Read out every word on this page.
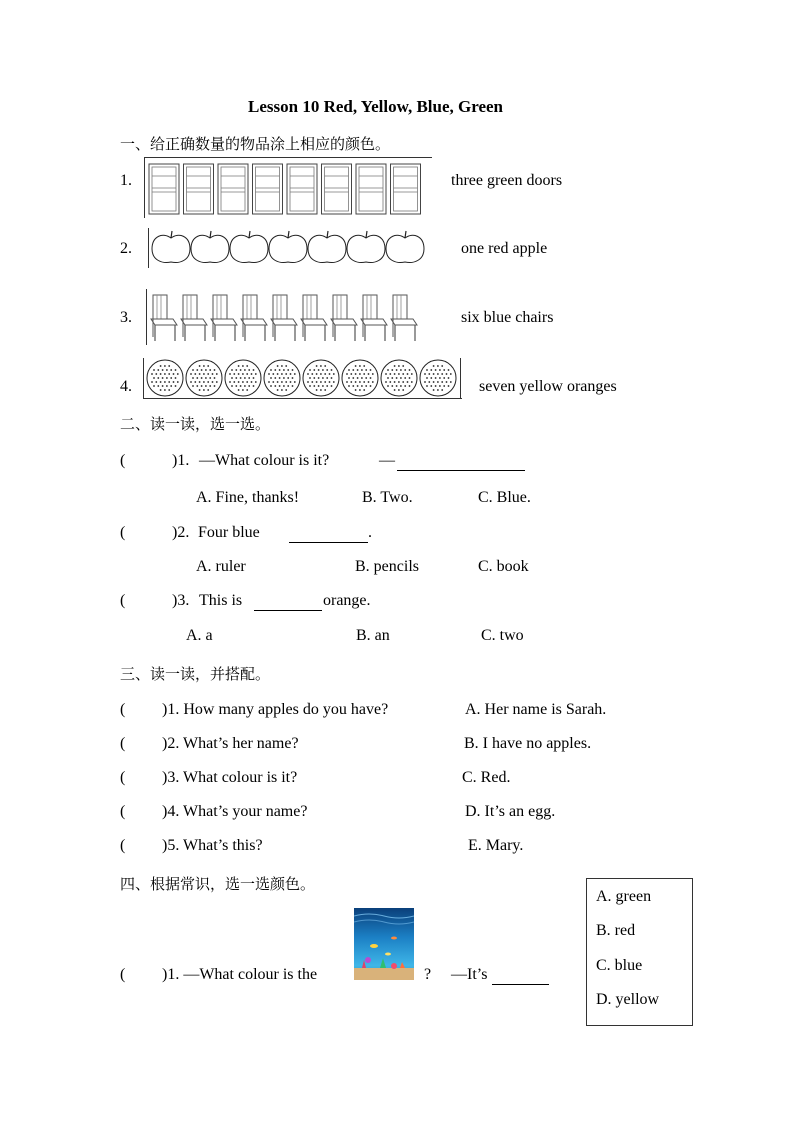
Lesson 10 Red, Yellow, Blue, Green
一、给正确数量的物品涂上相应的颜色。
1.	three green doors
2.	one red apple
3.	six blue chairs
4.	seven yellow oranges
二、读一读，选一选。
(	)1. —What colour is it?	—
A. Fine, thanks!	B. Two.	C. Blue.
(	)2. Four blue	.
A. ruler	B. pencils	C. book
(	)3. This is	orange.
A. a	B. an	C. two
三、读一读，并搭配。
( )1. How many apples do you have?	A. Her name is Sarah.
( )2. What’s her name?	B. I have no apples.
( )3. What colour is it?	C. Red.
( )4. What’s your name?	D. It’s an egg.
( )5. What’s this?	E. Mary.
四、根据常识，选一选颜色。
A. green
B. red
C. blue
D. yellow
( )1. —What colour is the	? —It’s
